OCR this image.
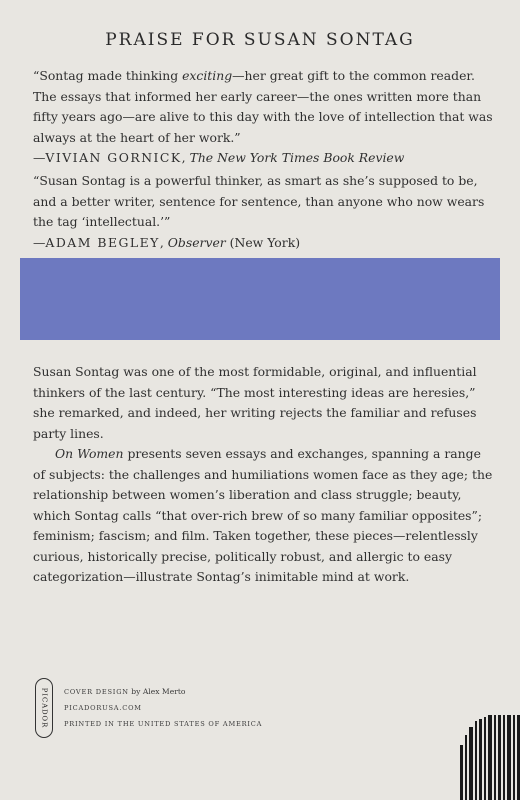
PRAISE FOR SUSAN SONTAG
“Sontag made thinking exciting—her great gift to the common reader. The essays that informed her early career—the ones written more than fifty years ago—are alive to this day with the love of intellection that was always at the heart of her work.”
—VIVIAN GORNICK, The New York Times Book Review
“Susan Sontag is a powerful thinker, as smart as she’s supposed to be, and a better writer, sentence for sentence, than anyone who now wears the tag ‘intellectual.’”
—ADAM BEGLEY, Observer (New York)

Susan Sontag was one of the most formidable, original, and influential thinkers of the last century. “The most interesting ideas are heresies,” she remarked, and indeed, her writing rejects the familiar and refuses party lines.

On Women presents seven essays and exchanges, spanning a range of subjects: the challenges and humiliations women face as they age; the relationship between women’s liberation and class struggle; beauty, which Sontag calls “that over-rich brew of so many familiar opposites”; feminism; fascism; and film. Taken together, these pieces—relentlessly curious, historically precise, politically robust, and allergic to easy categorization—illustrate Sontag’s inimitable mind at work.

PICADOR COVER DESIGN by Alex Merto
PICADORUSA.COM
PRINTED IN THE UNITED STATES OF AMERICA
